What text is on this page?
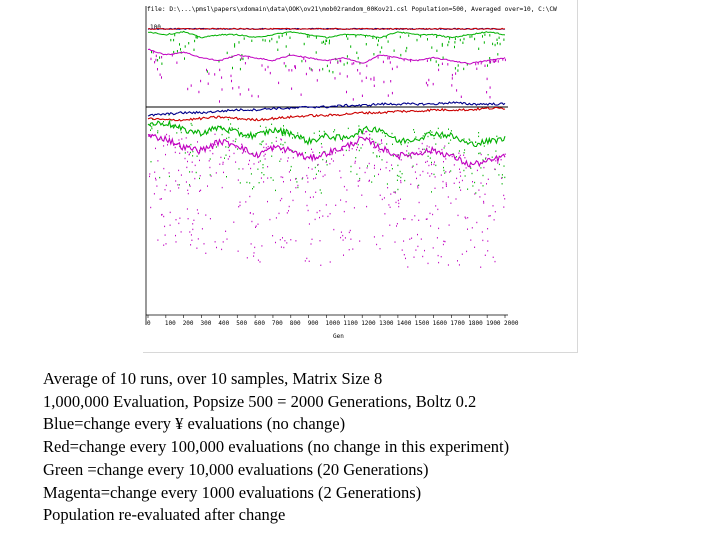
file: D:\...\pmsl\papers\xdomain\data\OOK\ov21\mob02random_00Kov21.csl Population=500, Averaged over=10, C:\CW
100
0 100 200 300 400 500 600 700 800 900 1000 1100 1200 1300 1400 1500 1600 1700 1800 1900 2000
Gen
Average of 10 runs, over 10 samples, Matrix Size 8
1,000,000 Evaluation, Popsize 500 = 2000 Generations, Boltz 0.2
Blue=change every ¥ evaluations (no change)
Red=change every 100,000 evaluations (no change in this experiment)
Green =change every 10,000 evaluations (20 Generations)
Magenta=change every 1000 evaluations (2 Generations)
Population re-evaluated after change
